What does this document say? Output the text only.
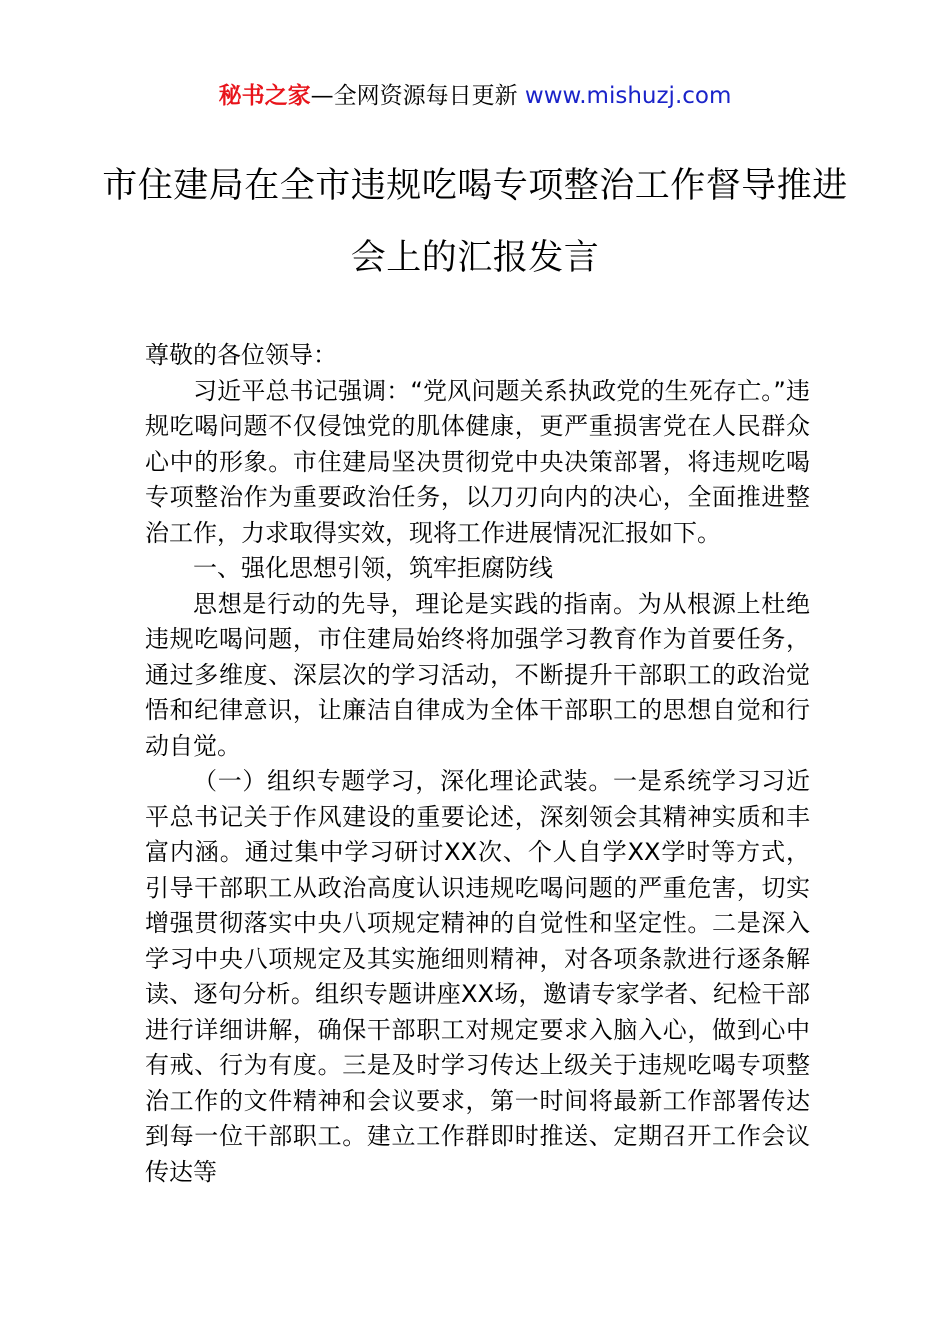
秘书之家—全网资源每日更新 www.mishuzj.com
市住建局在全市违规吃喝专项整治工作督导推进会上的汇报发言

尊敬的各位领导：

习近平总书记强调：“党风问题关系执政党的生死存亡。”违规吃喝问题不仅侵蚀党的肌体健康，更严重损害党在人民群众心中的形象。市住建局坚决贯彻党中央决策部署，将违规吃喝专项整治作为重要政治任务，以刀刃向内的决心，全面推进整治工作，力求取得实效，现将工作进展情况汇报如下。

一、强化思想引领，筑牢拒腐防线

思想是行动的先导，理论是实践的指南。为从根源上杜绝违规吃喝问题，市住建局始终将加强学习教育作为首要任务，通过多维度、深层次的学习活动，不断提升干部职工的政治觉悟和纪律意识，让廉洁自律成为全体干部职工的思想自觉和行动自觉。

（一）组织专题学习，深化理论武装。一是系统学习习近平总书记关于作风建设的重要论述，深刻领会其精神实质和丰富内涵。通过集中学习研讨XX次、个人自学XX学时等方式，引导干部职工从政治高度认识违规吃喝问题的严重危害，切实增强贯彻落实中央八项规定精神的自觉性和坚定性。二是深入学习中央八项规定及其实施细则精神，对各项条款进行逐条解读、逐句分析。组织专题讲座XX场，邀请专家学者、纪检干部进行详细讲解，确保干部职工对规定要求入脑入心，做到心中有戒、行为有度。三是及时学习传达上级关于违规吃喝专项整治工作的文件精神和会议要求，第一时间将最新工作部署传达到每一位干部职工。建立工作群即时推送、定期召开工作会议传达等
